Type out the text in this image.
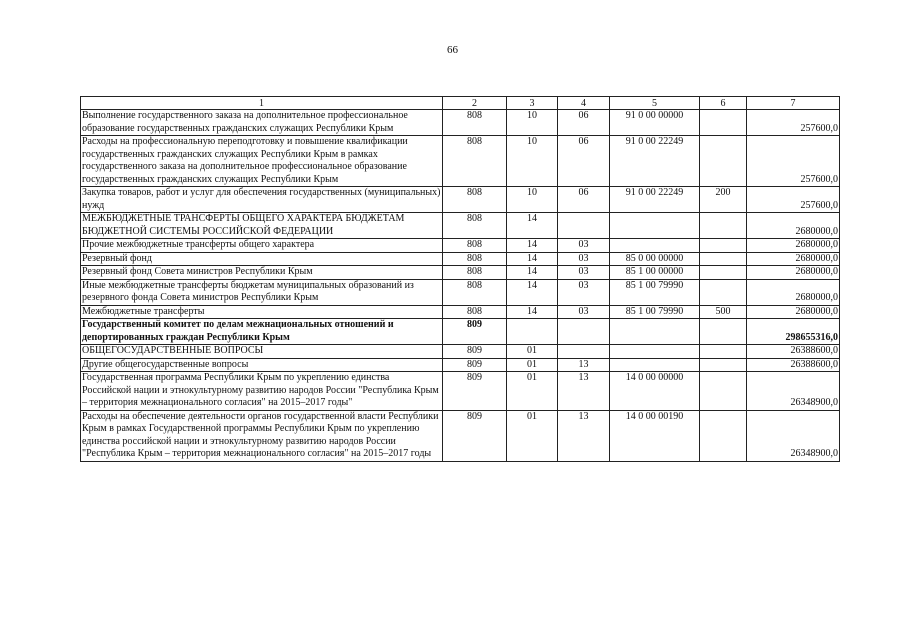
66
1	2	3	4	5	6	7
Выполнение государственного заказа на дополнительное профессиональное образование государственных гражданских служащих Республики Крым	808	10	06	91 0 00 00000		257600,0
Расходы на профессиональную переподготовку и повышение квалификации государственных гражданских служащих Республики Крым в рамках государственного заказа на дополнительное профессиональное образование государственных гражданских служащих Республики Крым	808	10	06	91 0 00 22249		257600,0
Закупка товаров, работ и услуг для обеспечения государственных (муниципальных) нужд	808	10	06	91 0 00 22249	200	257600,0
МЕЖБЮДЖЕТНЫЕ ТРАНСФЕРТЫ ОБЩЕГО ХАРАКТЕРА БЮДЖЕТАМ БЮДЖЕТНОЙ СИСТЕМЫ РОССИЙСКОЙ ФЕДЕРАЦИИ	808	14				2680000,0
Прочие межбюджетные трансферты общего характера	808	14	03			2680000,0
Резервный фонд	808	14	03	85 0 00 00000		2680000,0
Резервный фонд Совета министров Республики Крым	808	14	03	85 1 00 00000		2680000,0
Иные межбюджетные трансферты бюджетам муниципальных образований из резервного фонда Совета министров Республики Крым	808	14	03	85 1 00 79990		2680000,0
Межбюджетные трансферты	808	14	03	85 1 00 79990	500	2680000,0
Государственный комитет по делам межнациональных отношений и депортированных граждан Республики Крым	809					298655316,0
ОБЩЕГОСУДАРСТВЕННЫЕ ВОПРОСЫ	809	01				26388600,0
Другие общегосударственные вопросы	809	01	13			26388600,0
Государственная программа Республики Крым по укреплению единства Российской нации и этнокультурному развитию народов России "Республика Крым – территория межнационального согласия" на 2015–2017 годы"	809	01	13	14 0 00 00000		26348900,0
Расходы на обеспечение деятельности органов государственной власти Республики Крым в рамках Государственной программы Республики Крым по укреплению единства российской нации и этнокультурному развитию народов России "Республика Крым – территория межнационального согласия" на 2015–2017 годы	809	01	13	14 0 00 00190		26348900,0
